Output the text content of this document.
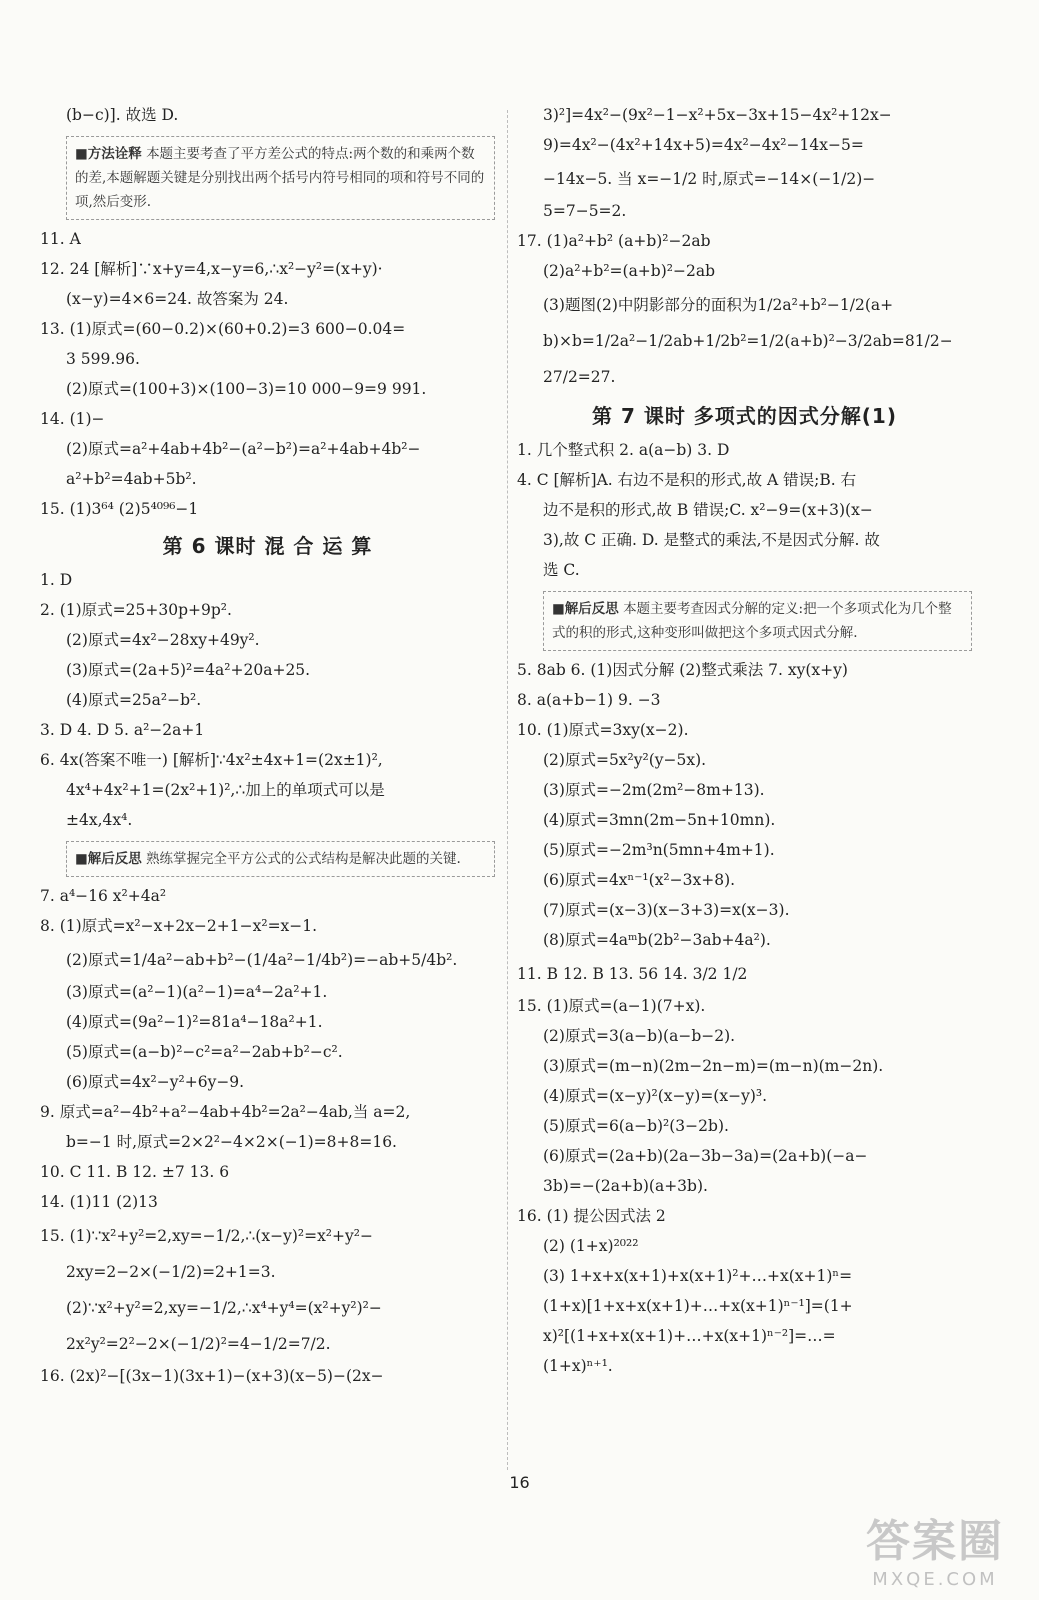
(b−c)]. 故选 D.
■方法诠释 本题主要考查了平方差公式的特点:两个数的和乘两个数的差,本题解题关键是分别找出两个括号内符号相同的项和符号不同的项,然后变形.
11. A
12. 24 [解析]∵x+y=4,x−y=6,∴x²−y²=(x+y)·
(x−y)=4×6=24. 故答案为 24.
13. (1)原式=(60−0.2)×(60+0.2)=3 600−0.04=
3 599.96.
(2)原式=(100+3)×(100−3)=10 000−9=9 991.
14. (1)−
(2)原式=a²+4ab+4b²−(a²−b²)=a²+4ab+4b²−
a²+b²=4ab+5b².
15. (1)3⁶⁴ (2)5⁴⁰⁹⁶−1
第 6 课时 混 合 运 算
1. D
2. (1)原式=25+30p+9p².
(2)原式=4x²−28xy+49y².
(3)原式=(2a+5)²=4a²+20a+25.
(4)原式=25a²−b².
3. D 4. D 5. a²−2a+1
6. 4x(答案不唯一) [解析]∵4x²±4x+1=(2x±1)²,
4x⁴+4x²+1=(2x²+1)²,∴加上的单项式可以是
±4x,4x⁴.
■解后反思 熟练掌握完全平方公式的公式结构是解决此题的关键.
7. a⁴−16 x²+4a²
8. (1)原式=x²−x+2x−2+1−x²=x−1.
(2)原式=1/4a²−ab+b²−(1/4a²−1/4b²)=−ab+5/4b².
(3)原式=(a²−1)(a²−1)=a⁴−2a²+1.
(4)原式=(9a²−1)²=81a⁴−18a²+1.
(5)原式=(a−b)²−c²=a²−2ab+b²−c².
(6)原式=4x²−y²+6y−9.
9. 原式=a²−4b²+a²−4ab+4b²=2a²−4ab,当 a=2,
b=−1 时,原式=2×2²−4×2×(−1)=8+8=16.
10. C 11. B 12. ±7 13. 6
14. (1)11 (2)13
15. (1)∵x²+y²=2,xy=−1/2,∴(x−y)²=x²+y²−
2xy=2−2×(−1/2)=2+1=3.
(2)∵x²+y²=2,xy=−1/2,∴x⁴+y⁴=(x²+y²)²−
2x²y²=2²−2×(−1/2)²=4−1/2=7/2.
16. (2x)²−[(3x−1)(3x+1)−(x+3)(x−5)−(2x−
3)²]=4x²−(9x²−1−x²+5x−3x+15−4x²+12x−
9)=4x²−(4x²+14x+5)=4x²−4x²−14x−5=
−14x−5. 当 x=−1/2 时,原式=−14×(−1/2)−
5=7−5=2.
17. (1)a²+b² (a+b)²−2ab
(2)a²+b²=(a+b)²−2ab
(3)题图(2)中阴影部分的面积为1/2a²+b²−1/2(a+
b)×b=1/2a²−1/2ab+1/2b²=1/2(a+b)²−3/2ab=81/2−
27/2=27.
第 7 课时 多项式的因式分解(1)
1. 几个整式积 2. a(a−b) 3. D
4. C [解析]A. 右边不是积的形式,故 A 错误;B. 右
边不是积的形式,故 B 错误;C. x²−9=(x+3)(x−
3),故 C 正确. D. 是整式的乘法,不是因式分解. 故
选 C.
■解后反思 本题主要考查因式分解的定义:把一个多项式化为几个整式的积的形式,这种变形叫做把这个多项式因式分解.
5. 8ab 6. (1)因式分解 (2)整式乘法 7. xy(x+y)
8. a(a+b−1) 9. −3
10. (1)原式=3xy(x−2).
(2)原式=5x²y²(y−5x).
(3)原式=−2m(2m²−8m+13).
(4)原式=3mn(2m−5n+10mn).
(5)原式=−2m³n(5mn+4m+1).
(6)原式=4xⁿ⁻¹(x²−3x+8).
(7)原式=(x−3)(x−3+3)=x(x−3).
(8)原式=4aᵐb(2b²−3ab+4a²).
11. B 12. B 13. 56 14. 3/2 1/2
15. (1)原式=(a−1)(7+x).
(2)原式=3(a−b)(a−b−2).
(3)原式=(m−n)(2m−2n−m)=(m−n)(m−2n).
(4)原式=(x−y)²(x−y)=(x−y)³.
(5)原式=6(a−b)²(3−2b).
(6)原式=(2a+b)(2a−3b−3a)=(2a+b)(−a−
3b)=−(2a+b)(a+3b).
16. (1) 提公因式法 2
(2) (1+x)²⁰²²
(3) 1+x+x(x+1)+x(x+1)²+…+x(x+1)ⁿ=
(1+x)[1+x+x(x+1)+…+x(x+1)ⁿ⁻¹]=(1+
x)²[(1+x+x(x+1)+…+x(x+1)ⁿ⁻²]=…=
(1+x)ⁿ⁺¹.
16
答案圈
MXQE.COM
